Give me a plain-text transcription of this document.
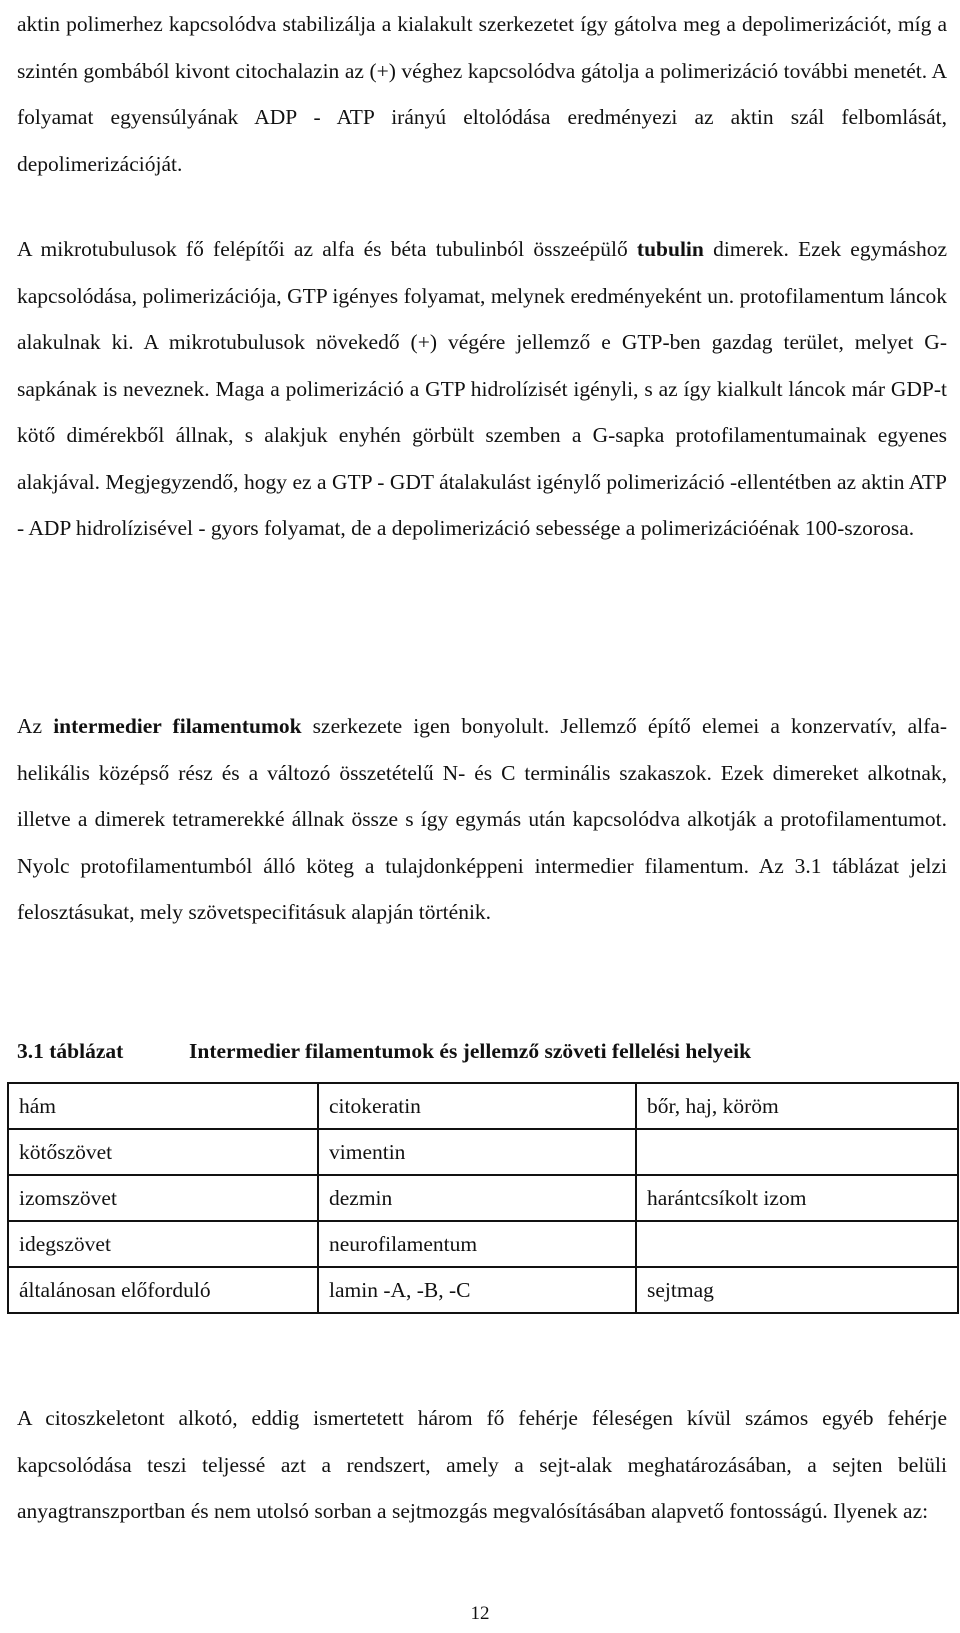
aktin polimerhez kapcsolódva stabilizálja a kialakult szerkezetet így gátolva meg a depolimerizációt, míg a szintén gombából kivont citochalazin az (+) véghez kapcsolódva gátolja a polimerizáció további menetét. A folyamat egyensúlyának ADP - ATP irányú eltolódása eredményezi az aktin szál felbomlását, depolimerizációját.

A mikrotubulusok fő felépítői az alfa és béta tubulinból összeépülő tubulin dimerek. Ezek egymáshoz kapcsolódása, polimerizációja, GTP igényes folyamat, melynek eredményeként un. protofilamentum láncok alakulnak ki. A mikrotubulusok növekedő (+) végére jellemző e GTP-ben gazdag terület, melyet G-sapkának is neveznek. Maga a polimerizáció a GTP hidrolízisét igényli, s az így kialkult láncok már GDP-t kötő dimérekből állnak, s alakjuk enyhén görbült szemben a G-sapka protofilamentumainak egyenes alakjával. Megjegyzendő, hogy ez a GTP - GDT átalakulást igénylő polimerizáció -ellentétben az aktin ATP - ADP hidrolízisével - gyors folyamat, de a depolimerizáció sebessége a polimerizációénak 100-szorosa.

Az intermedier filamentumok szerkezete igen bonyolult. Jellemző építő elemei a konzervatív, alfa-helikális középső rész és a változó összetételű N- és C terminális szakaszok. Ezek dimereket alkotnak, illetve a dimerek tetramerekké állnak össze s így egymás után kapcsolódva alkotják a protofilamentumot. Nyolc protofilamentumból álló köteg a tulajdonképpeni intermedier filamentum. Az 3.1 táblázat jelzi felosztásukat, mely szövetspecifitásuk alapján történik.

3.1 táblázat	Intermedier filamentumok és jellemző szöveti fellelési helyeik

hám	citokeratin	bőr, haj, köröm
kötőszövet	vimentin	
izomszövet	dezmin	harántcsíkolt izom
idegszövet	neurofilamentum	
általánosan előforduló	lamin -A, -B, -C	sejtmag

A citoszkeletont alkotó, eddig ismertetett három fő fehérje féleségen kívül számos egyéb fehérje kapcsolódása teszi teljessé azt a rendszert, amely a sejt-alak meghatározásában, a sejten belüli anyagtranszportban és nem utolsó sorban a sejtmozgás megvalósításában alapvető fontosságú. Ilyenek az:

12
